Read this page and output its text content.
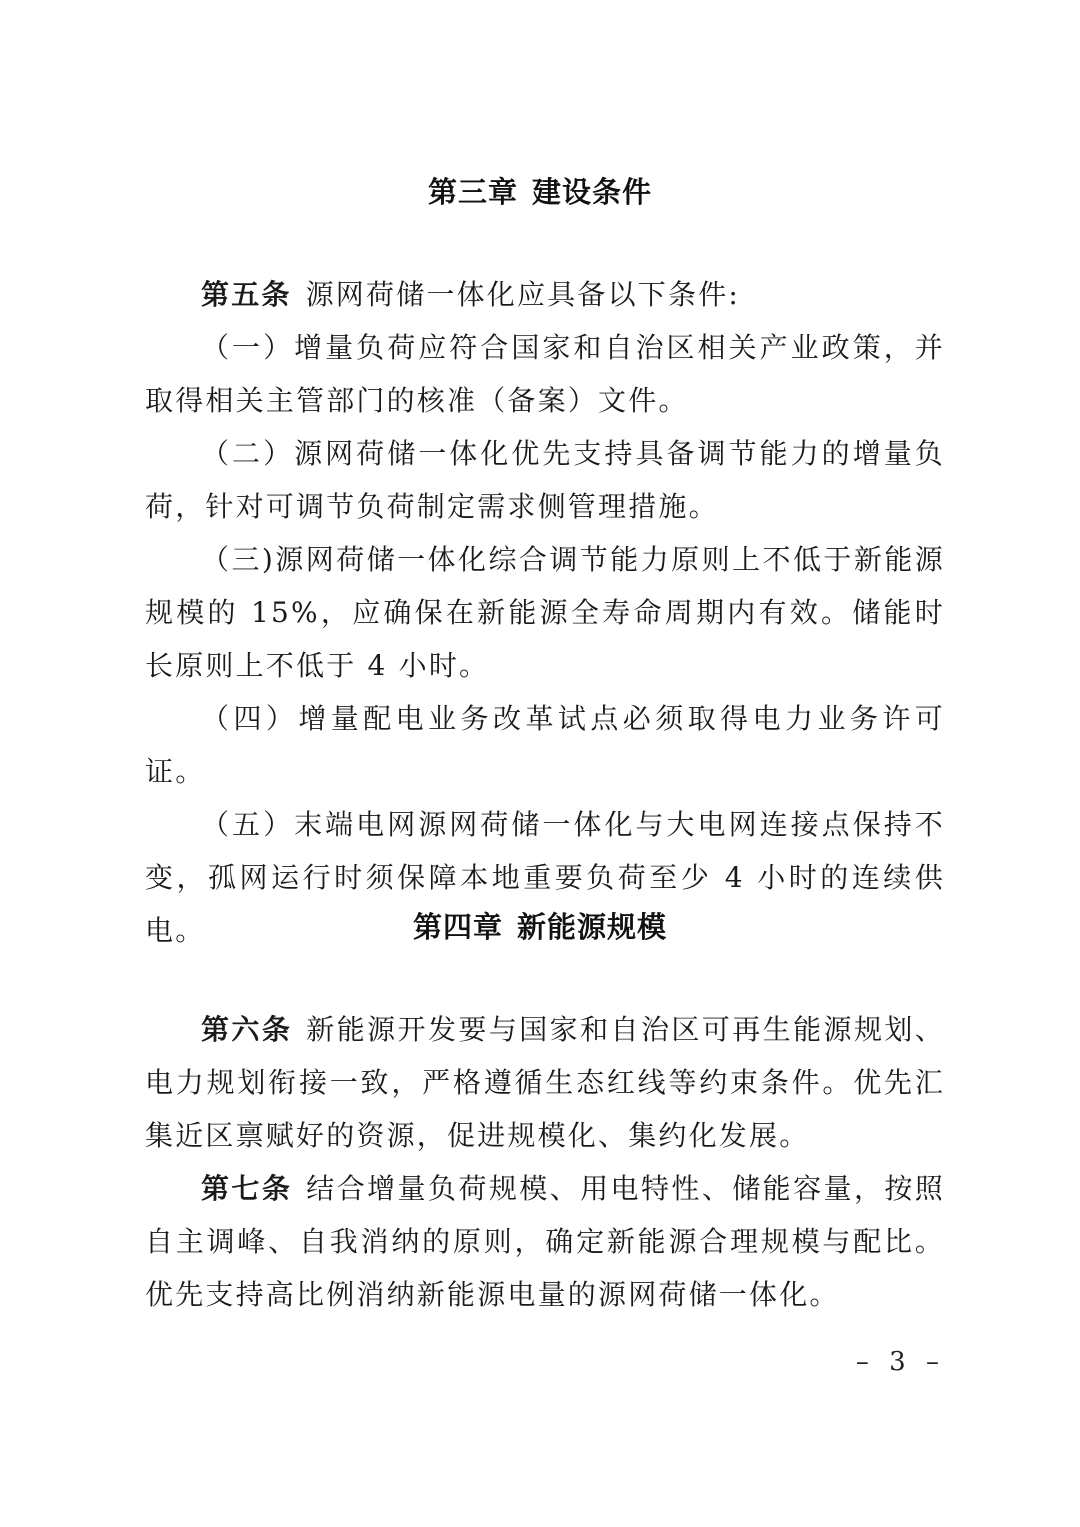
第三章 建设条件

第五条 源网荷储一体化应具备以下条件:

（一）增量负荷应符合国家和自治区相关产业政策，并取得相关主管部门的核准（备案）文件。

（二）源网荷储一体化优先支持具备调节能力的增量负荷，针对可调节负荷制定需求侧管理措施。

（三)源网荷储一体化综合调节能力原则上不低于新能源规模的 15%，应确保在新能源全寿命周期内有效。储能时长原则上不低于 4 小时。

（四）增量配电业务改革试点必须取得电力业务许可证。

（五）末端电网源网荷储一体化与大电网连接点保持不变，孤网运行时须保障本地重要负荷至少 4 小时的连续供电。	第四章 新能源规模

第六条 新能源开发要与国家和自治区可再生能源规划、电力规划衔接一致，严格遵循生态红线等约束条件。优先汇集近区禀赋好的资源，促进规模化、集约化发展。

第七条 结合增量负荷规模、用电特性、储能容量，按照自主调峰、自我消纳的原则，确定新能源合理规模与配比。优先支持高比例消纳新能源电量的源网荷储一体化。

– 3 –
